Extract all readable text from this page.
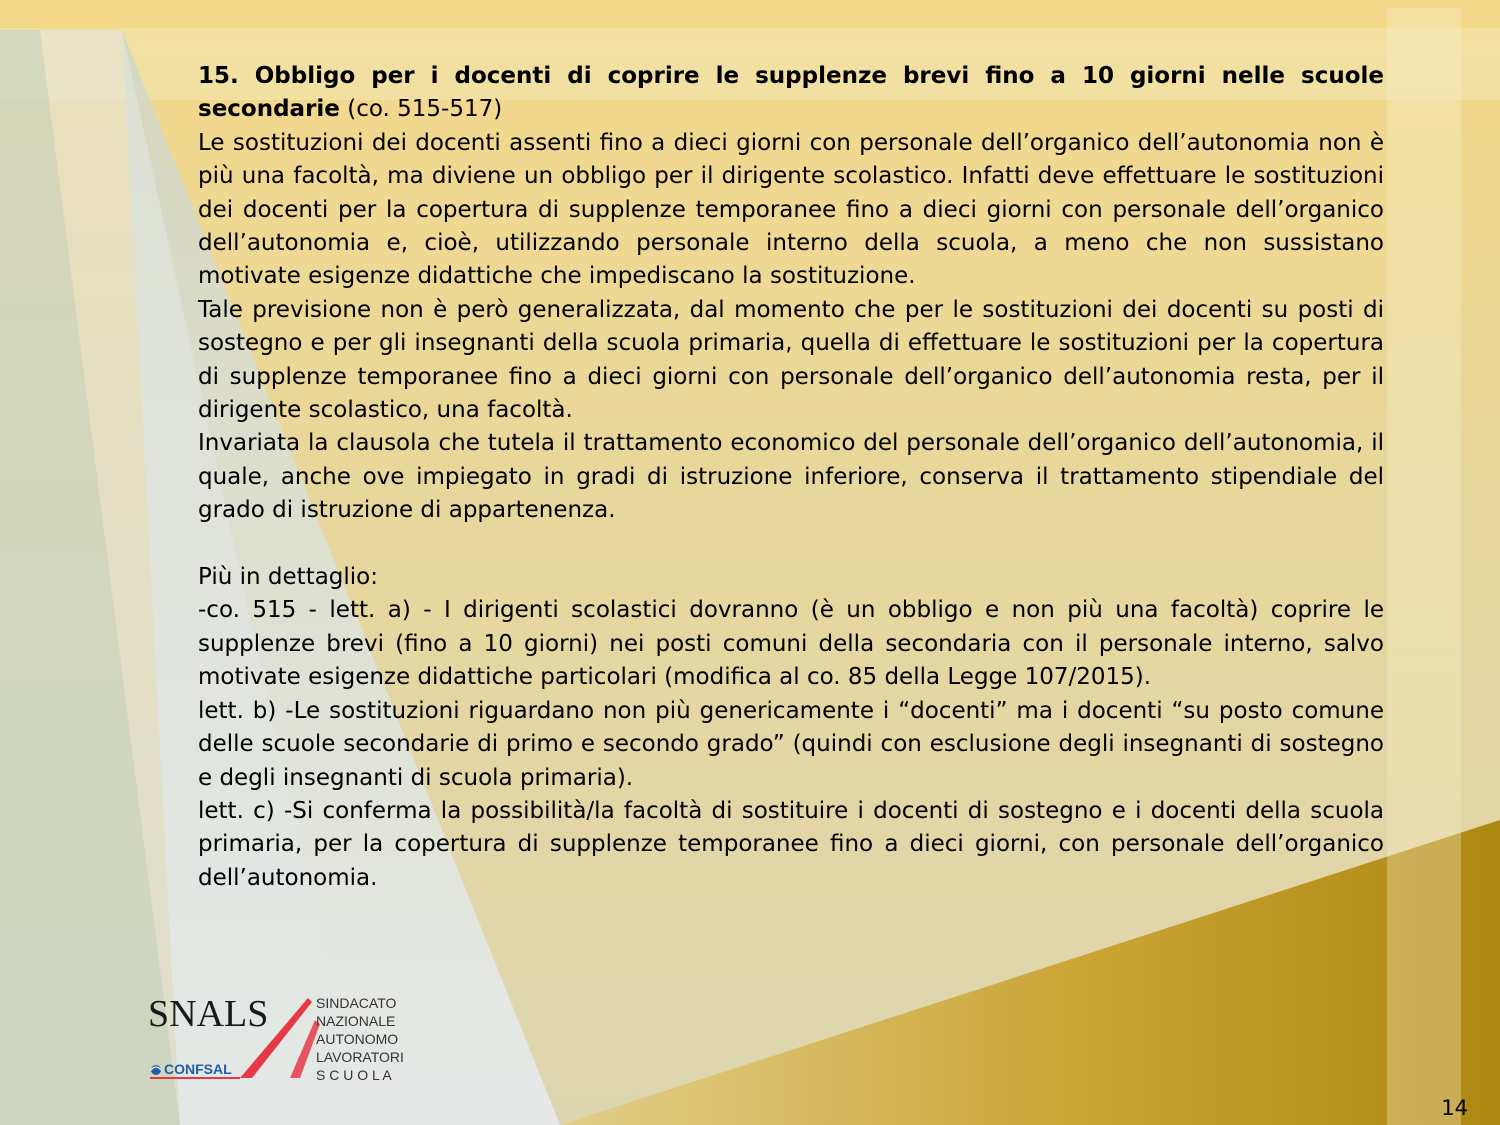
15. Obbligo per i docenti di coprire le supplenze brevi fino a 10 giorni nelle scuole secondarie (co. 515-517)

Le sostituzioni dei docenti assenti fino a dieci giorni con personale dell’organico dell’autonomia non è più una facoltà, ma diviene un obbligo per il dirigente scolastico. Infatti deve effettuare le sostituzioni dei docenti per la copertura di supplenze temporanee fino a dieci giorni con personale dell’organico dell’autonomia e, cioè, utilizzando personale interno della scuola, a meno che non sussistano motivate esigenze didattiche che impediscano la sostituzione.

Tale previsione non è però generalizzata, dal momento che per le sostituzioni dei docenti su posti di sostegno e per gli insegnanti della scuola primaria, quella di effettuare le sostituzioni per la copertura di supplenze temporanee fino a dieci giorni con personale dell’organico dell’autonomia resta, per il dirigente scolastico, una facoltà.

Invariata la clausola che tutela il trattamento economico del personale dell’organico dell’autonomia, il quale, anche ove impiegato in gradi di istruzione inferiore, conserva il trattamento stipendiale del grado di istruzione di appartenenza.

Più in dettaglio:

-co. 515 - lett. a) - I dirigenti scolastici dovranno (è un obbligo e non più una facoltà) coprire le supplenze brevi (fino a 10 giorni) nei posti comuni della secondaria con il personale interno, salvo motivate esigenze didattiche particolari (modifica al co. 85 della Legge 107/2015).

lett. b) -Le sostituzioni riguardano non più genericamente i “docenti” ma i docenti “su posto comune delle scuole secondarie di primo e secondo grado” (quindi con esclusione degli insegnanti di sostegno e degli insegnanti di scuola primaria).

lett. c) -Si conferma la possibilità/la facoltà di sostituire i docenti di sostegno e i docenti della scuola primaria, per la copertura di supplenze temporanee fino a dieci giorni, con personale dell’organico dell’autonomia.

SNALS
CONFSAL
SINDACATO
NAZIONALE
AUTONOMO
LAVORATORI
S C U O L A
14
